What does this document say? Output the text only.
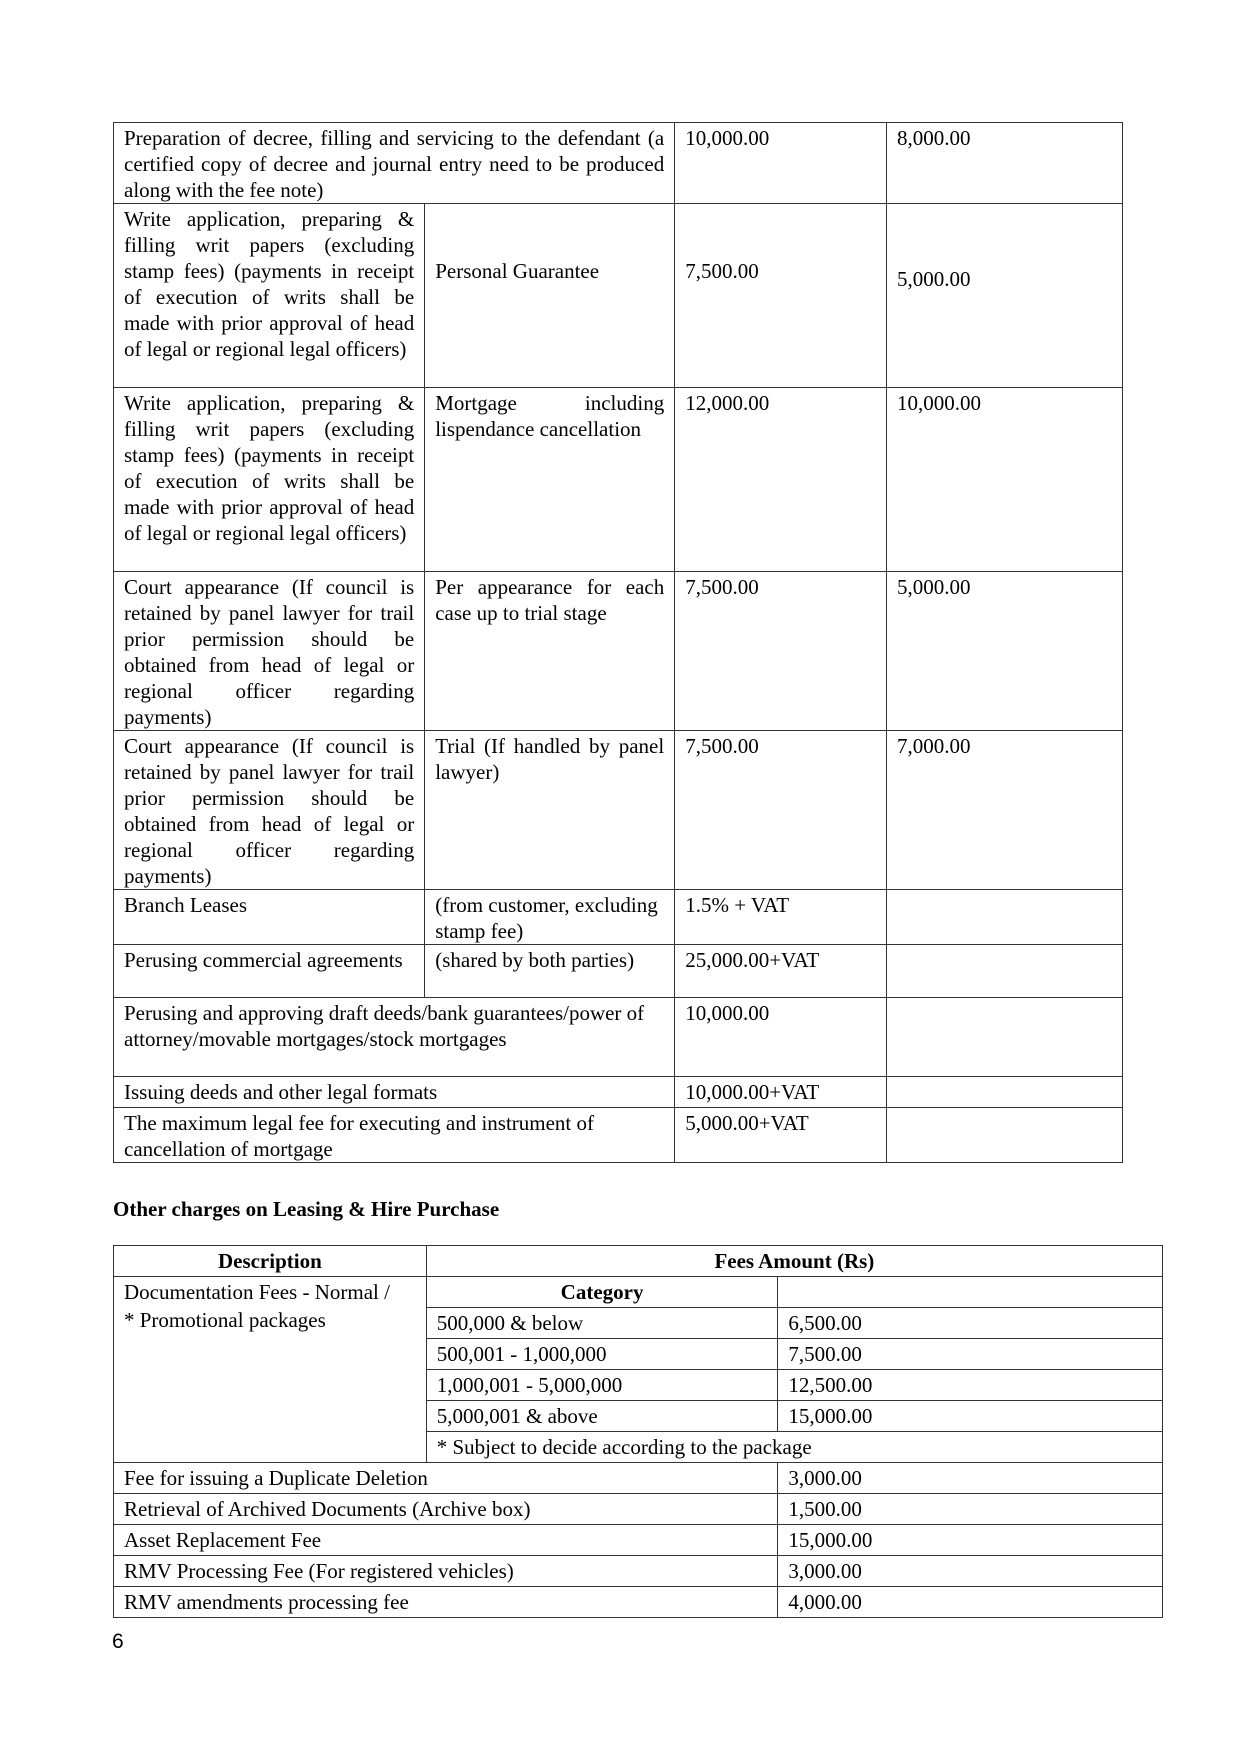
Preparation of decree, filling and servicing to the defendant (a certified copy of decree and journal entry need to be produced along with the fee note)		10,000.00	8,000.00
Write application, preparing & filling writ papers (excluding stamp fees) (payments in receipt of execution of writs shall be made with prior approval of head of legal or regional legal officers)	Personal Guarantee	7,500.00	5,000.00
Write application, preparing & filling writ papers (excluding stamp fees) (payments in receipt of execution of writs shall be made with prior approval of head of legal or regional legal officers)	Mortgage including lispendance cancellation	12,000.00	10,000.00
Court appearance (If council is retained by panel lawyer for trail prior permission should be obtained from head of legal or regional officer regarding payments)	Per appearance for each case up to trial stage	7,500.00	5,000.00
Court appearance (If council is retained by panel lawyer for trail prior permission should be obtained from head of legal or regional officer regarding payments)	Trial (If handled by panel lawyer)	7,500.00	7,000.00
Branch Leases	(from customer, excluding stamp fee)	1.5% + VAT	
Perusing commercial agreements	(shared by both parties)	25,000.00+VAT	
Perusing and approving draft deeds/bank guarantees/power of attorney/movable mortgages/stock mortgages		10,000.00	
Issuing deeds and other legal formats		10,000.00+VAT	
The maximum legal fee for executing and instrument of cancellation of mortgage		5,000.00+VAT	
Other charges on Leasing & Hire Purchase
Description	Fees Amount (Rs)	

Documentation Fees - Normal /
* Promotional packages	Category	
	500,000 & below	6,500.00
	500,001 - 1,000,000	7,500.00
	1,000,001 - 5,000,000	12,500.00
	5,000,001 & above	15,000.00
	* Subject to decide according to the package	
Fee for issuing a Duplicate Deletion		3,000.00
Retrieval of Archived Documents (Archive box)		1,500.00
Asset Replacement Fee		15,000.00
RMV Processing Fee (For registered vehicles)		3,000.00
RMV amendments processing fee		4,000.00
6
